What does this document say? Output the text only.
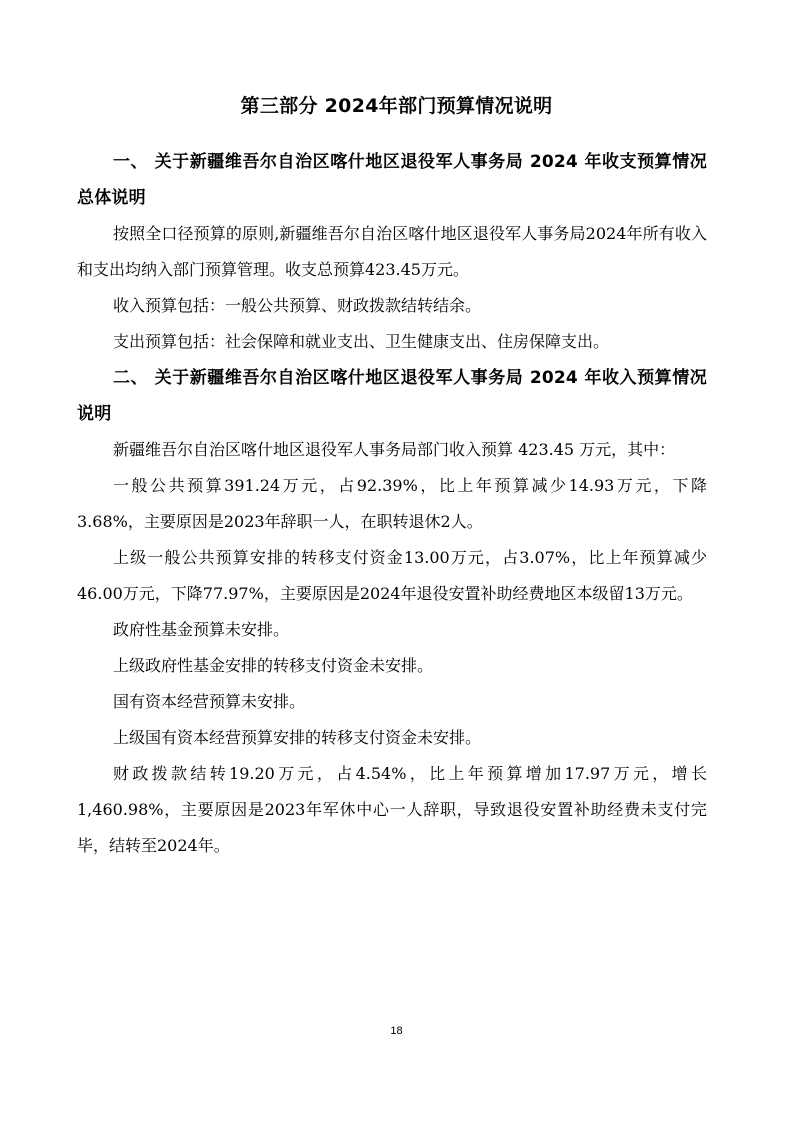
第三部分 2024年部门预算情况说明

一、 关于新疆维吾尔自治区喀什地区退役军人事务局 2024 年收支预算情况总体说明

按照全口径预算的原则,新疆维吾尔自治区喀什地区退役军人事务局2024年所有收入和支出均纳入部门预算管理。收支总预算423.45万元。

收入预算包括：一般公共预算、财政拨款结转结余。

支出预算包括：社会保障和就业支出、卫生健康支出、住房保障支出。

二、 关于新疆维吾尔自治区喀什地区退役军人事务局 2024 年收入预算情况说明

新疆维吾尔自治区喀什地区退役军人事务局部门收入预算 423.45 万元，其中：

一般公共预算391.24万元，占92.39%，比上年预算减少14.93万元，下降3.68%，主要原因是2023年辞职一人，在职转退休2人。

上级一般公共预算安排的转移支付资金13.00万元，占3.07%，比上年预算减少46.00万元，下降77.97%，主要原因是2024年退役安置补助经费地区本级留13万元。

政府性基金预算未安排。

上级政府性基金安排的转移支付资金未安排。

国有资本经营预算未安排。

上级国有资本经营预算安排的转移支付资金未安排。

财政拨款结转19.20万元，占4.54%，比上年预算增加17.97万元，增长1,460.98%，主要原因是2023年军休中心一人辞职，导致退役安置补助经费未支付完毕，结转至2024年。

18
